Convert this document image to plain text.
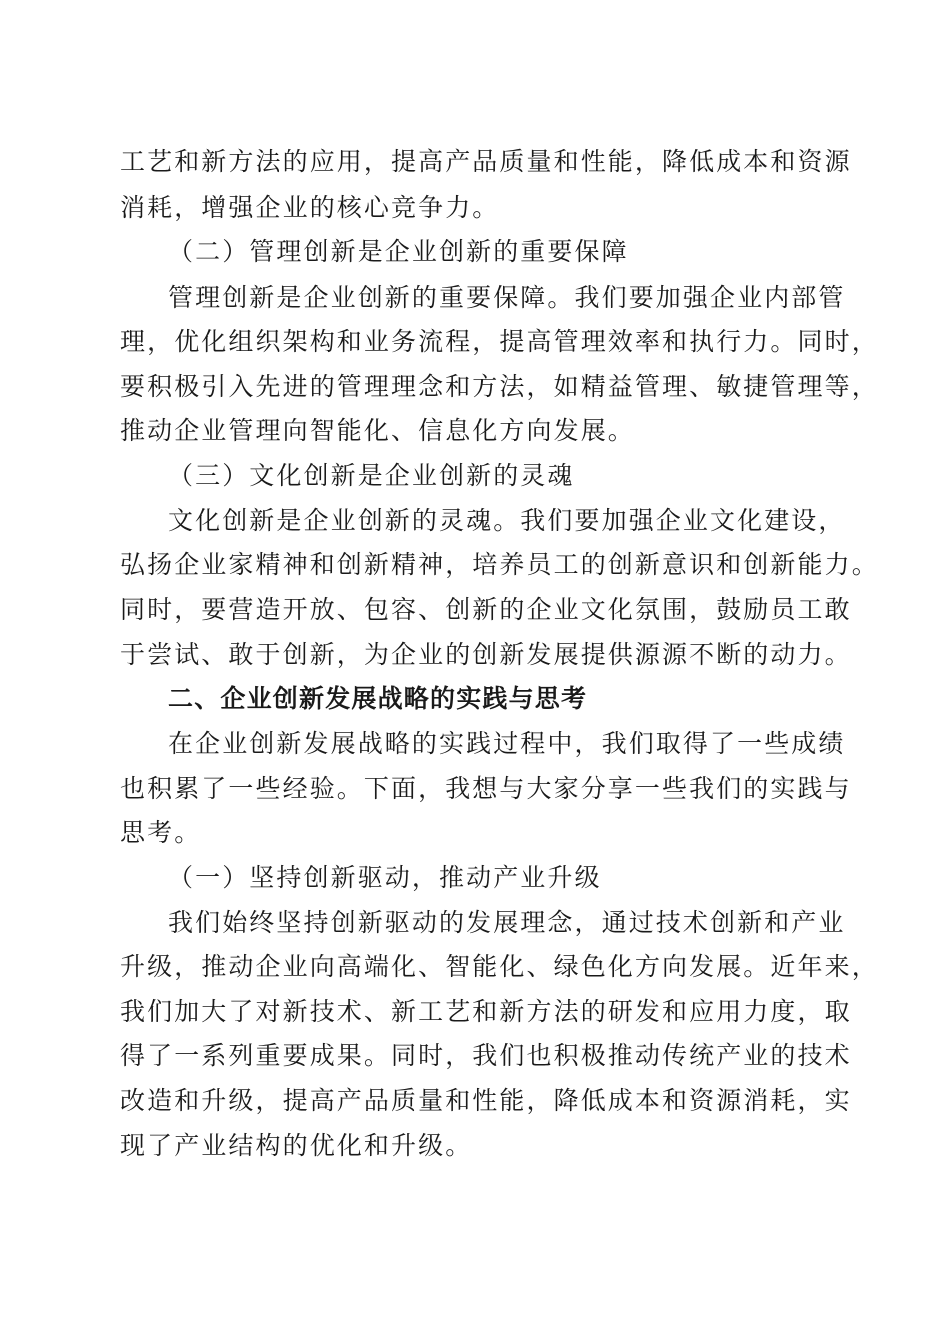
工艺和新方法的应用，提高产品质量和性能，降低成本和资源

消耗，增强企业的核心竞争力。

（二）管理创新是企业创新的重要保障

管理创新是企业创新的重要保障。我们要加强企业内部管

理，优化组织架构和业务流程，提高管理效率和执行力。同时，

要积极引入先进的管理理念和方法，如精益管理、敏捷管理等，

推动企业管理向智能化、信息化方向发展。

（三）文化创新是企业创新的灵魂

文化创新是企业创新的灵魂。我们要加强企业文化建设，

弘扬企业家精神和创新精神，培养员工的创新意识和创新能力。

同时，要营造开放、包容、创新的企业文化氛围，鼓励员工敢

于尝试、敢于创新，为企业的创新发展提供源源不断的动力。

二、企业创新发展战略的实践与思考

在企业创新发展战略的实践过程中，我们取得了一些成绩

也积累了一些经验。下面，我想与大家分享一些我们的实践与

思考。

（一）坚持创新驱动，推动产业升级

我们始终坚持创新驱动的发展理念，通过技术创新和产业

升级，推动企业向高端化、智能化、绿色化方向发展。近年来，

我们加大了对新技术、新工艺和新方法的研发和应用力度，取

得了一系列重要成果。同时，我们也积极推动传统产业的技术

改造和升级，提高产品质量和性能，降低成本和资源消耗，实

现了产业结构的优化和升级。
